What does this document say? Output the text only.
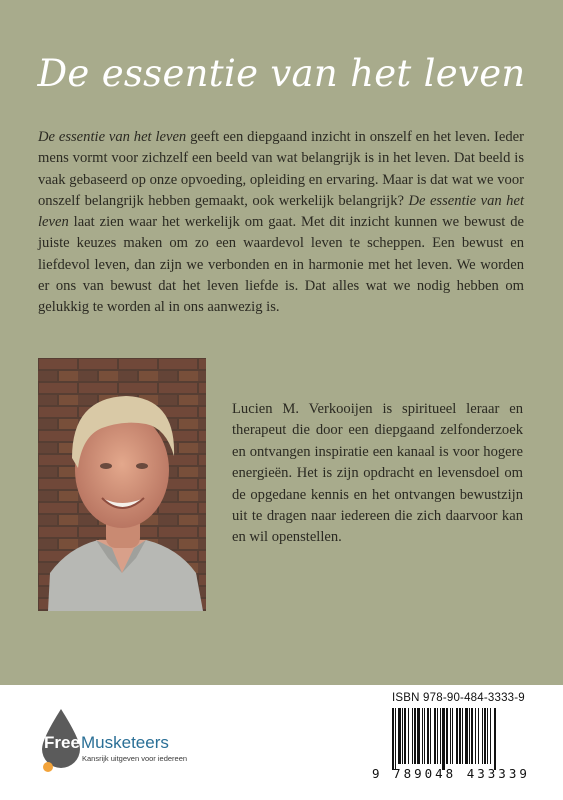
De essentie van het leven

De essentie van het leven geeft een diepgaand inzicht in onszelf en het leven. Ieder mens vormt voor zichzelf een beeld van wat belangrijk is in het leven. Dat beeld is vaak gebaseerd op onze opvoeding, opleiding en ervaring. Maar is dat wat we voor onszelf belangrijk hebben gemaakt, ook werkelijk belangrijk? De essentie van het leven laat zien waar het werkelijk om gaat. Met dit inzicht kunnen we bewust de juiste keuzes maken om zo een waardevol leven te scheppen. Een bewust en liefdevol leven, dan zijn we verbonden en in harmonie met het leven. We worden er ons van bewust dat het leven liefde is. Dat alles wat we nodig hebben om gelukkig te worden al in ons aanwezig is.

Lucien M. Verkooijen is spiritueel leraar en therapeut die door een diepgaand zelfonderzoek en ontvangen inspiratie een kanaal is voor hogere energieën. Het is zijn opdracht en levensdoel om de opgedane kennis en het ontvangen bewustzijn uit te dragen naar iedereen die zich daarvoor kan en wil openstellen.
Free Musketeers
Kansrijk uitgeven voor iedereen
ISBN 978-90-484-3333-9
9 789048 433339
